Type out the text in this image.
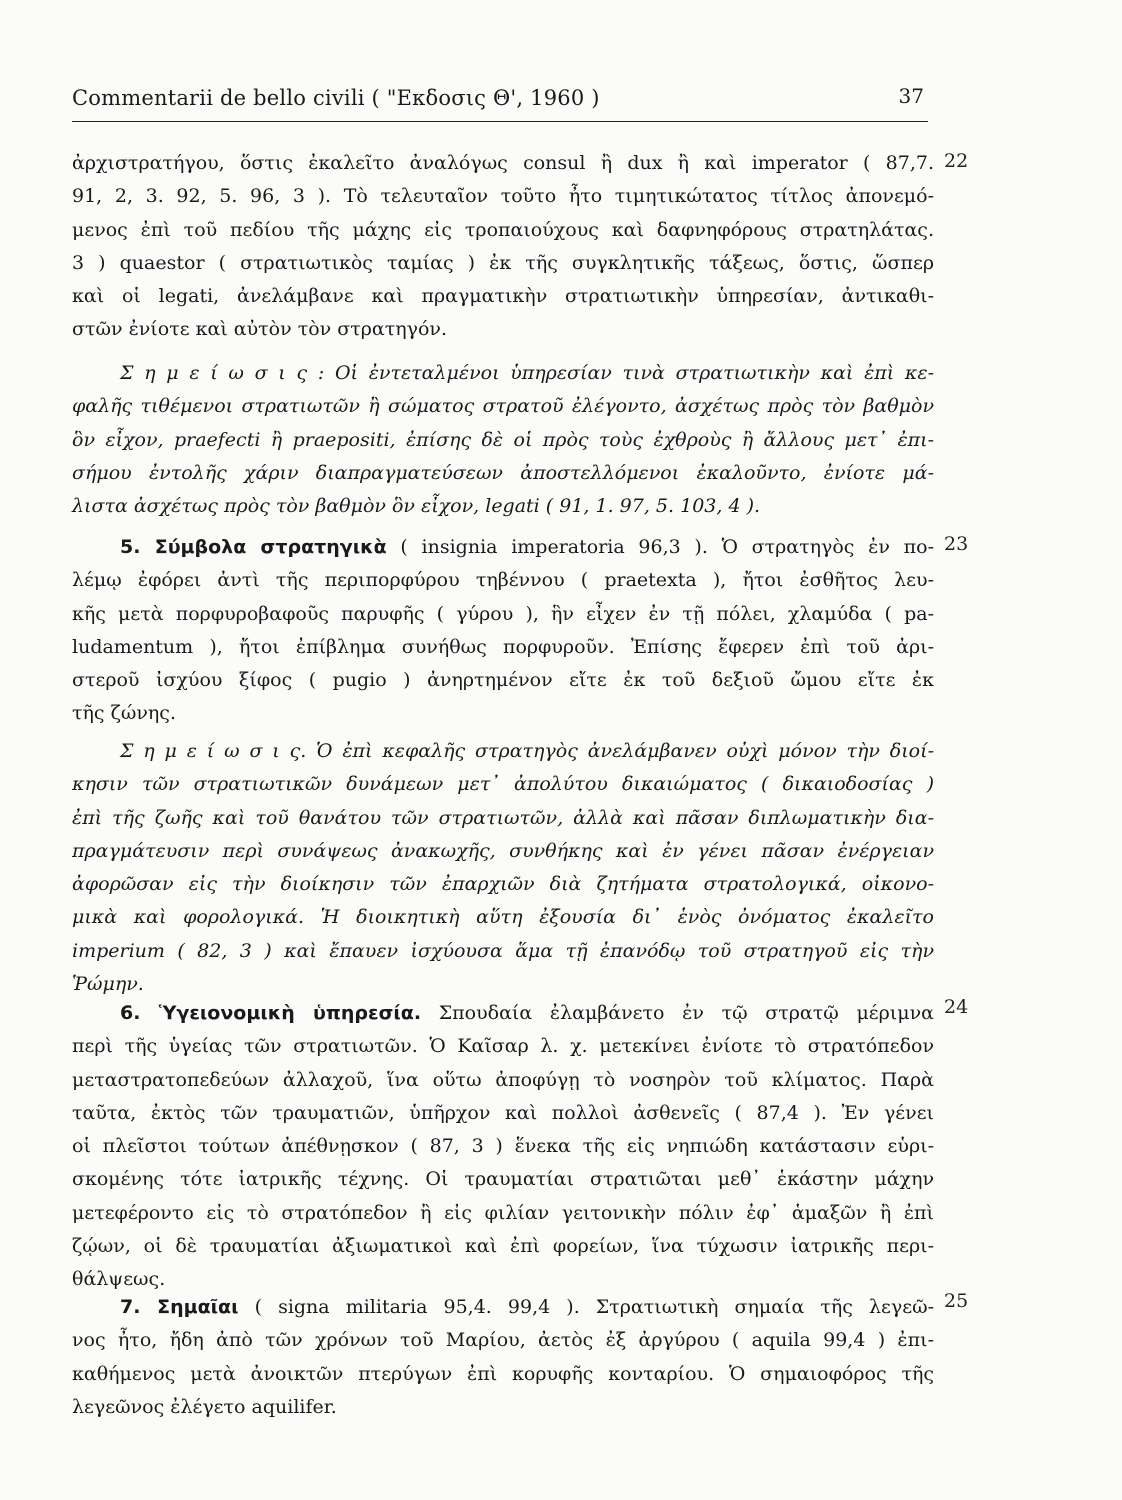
Commentarii de bello civili ( "Εκδοσις Θ', 1960 )	37
22
23
24
25
ἀρχιστρατήγου, ὅστις ἐκαλεῖτο ἀναλόγως consul ἢ dux ἢ καὶ imperator ( 87,7.
91, 2, 3. 92, 5. 96, 3 ). Τὸ τελευταῖον τοῦτο ἦτο τιμητικώτατος τίτλος ἀπονεμό-
μενος ἐπὶ τοῦ πεδίου τῆς μάχης εἰς τροπαιούχους καὶ δαφνηφόρους στρατηλάτας.
3 ) quaestor ( στρατιωτικὸς ταμίας ) ἐκ τῆς συγκλητικῆς τάξεως, ὅστις, ὥσπερ
καὶ οἱ legati, ἀνελάμβανε καὶ πραγματικὴν στρατιωτικὴν ὑπηρεσίαν, ἀντικαθι-
στῶν ἐνίοτε καὶ αὐτὸν τὸν στρατηγόν.
Σ η μ ε ί ω σ ι ς : Οἱ ἐντεταλμένοι ὑπηρεσίαν τινὰ στρατιωτικὴν καὶ ἐπὶ κε-
φαλῆς τιθέμενοι στρατιωτῶν ἢ σώματος στρατοῦ ἐλέγοντο, ἀσχέτως πρὸς τὸν βαθμὸν
ὃν εἶχον, praefecti ἢ praepositi, ἐπίσης δὲ οἱ πρὸς τοὺς ἐχθροὺς ἢ ἄλλους μετ᾿ ἐπι-
σήμου ἐντολῆς χάριν διαπραγματεύσεων ἀποστελλόμενοι ἐκαλοῦντο, ἐνίοτε μά-
λιστα ἀσχέτως πρὸς τὸν βαθμὸν ὃν εἶχον, legati ( 91, 1. 97, 5. 103, 4 ).
5. Σύμβολα στρατηγικὰ ( insignia imperatoria 96,3 ). Ὁ στρατηγὸς ἐν πο-
λέμῳ ἐφόρει ἀντὶ τῆς περιπορφύρου τηβέννου ( praetexta ), ἤτοι ἐσθῆτος λευ-
κῆς μετὰ πορφυροβαφοῦς παρυφῆς ( γύρου ), ἣν εἶχεν ἐν τῇ πόλει, χλαμύδα ( pa-
ludamentum ), ἤτοι ἐπίβλημα συνήθως πορφυροῦν. Ἐπίσης ἔφερεν ἐπὶ τοῦ ἀρι-
στεροῦ ἰσχύου ξίφος ( pugio ) ἀνηρτημένον εἴτε ἐκ τοῦ δεξιοῦ ὤμου εἴτε ἐκ
τῆς ζώνης.
Σ η μ ε ί ω σ ι ς. Ὁ ἐπὶ κεφαλῆς στρατηγὸς ἀνελάμβανεν οὐχὶ μόνον τὴν διοί-
κησιν τῶν στρατιωτικῶν δυνάμεων μετ᾿ ἀπολύτου δικαιώματος ( δικαιοδοσίας )
ἐπὶ τῆς ζωῆς καὶ τοῦ θανάτου τῶν στρατιωτῶν, ἀλλὰ καὶ πᾶσαν διπλωματικὴν δια-
πραγμάτευσιν περὶ συνάψεως ἀνακωχῆς, συνθήκης καὶ ἐν γένει πᾶσαν ἐνέργειαν
ἀφορῶσαν εἰς τὴν διοίκησιν τῶν ἐπαρχιῶν διὰ ζητήματα στρατολογικά, οἰκονο-
μικὰ καὶ φορολογικά. Ἡ διοικητικὴ αὕτη ἐξουσία δι᾿ ἑνὸς ὀνόματος ἐκαλεῖτο
imperium ( 82, 3 ) καὶ ἔπαυεν ἰσχύουσα ἅμα τῇ ἐπανόδῳ τοῦ στρατηγοῦ εἰς τὴν
Ῥώμην.
6. Ὑγειονομικὴ ὑπηρεσία. Σπουδαία ἐλαμβάνετο ἐν τῷ στρατῷ μέριμνα
περὶ τῆς ὑγείας τῶν στρατιωτῶν. Ὁ Καῖσαρ λ. χ. μετεκίνει ἐνίοτε τὸ στρατόπεδον
μεταστρατοπεδεύων ἀλλαχοῦ, ἵνα οὕτω ἀποφύγῃ τὸ νοσηρὸν τοῦ κλίματος. Παρὰ
ταῦτα, ἐκτὸς τῶν τραυματιῶν, ὑπῆρχον καὶ πολλοὶ ἀσθενεῖς ( 87,4 ). Ἐν γένει
οἱ πλεῖστοι τούτων ἀπέθνῃσκον ( 87, 3 ) ἕνεκα τῆς εἰς νηπιώδη κατάστασιν εὑρι-
σκομένης τότε ἰατρικῆς τέχνης. Οἱ τραυματίαι στρατιῶται μεθ᾿ ἑκάστην μάχην
μετεφέροντο εἰς τὸ στρατόπεδον ἢ εἰς φιλίαν γειτονικὴν πόλιν ἐφ᾿ ἁμαξῶν ἢ ἐπὶ
ζῴων, οἱ δὲ τραυματίαι ἀξιωματικοὶ καὶ ἐπὶ φορείων, ἵνα τύχωσιν ἰατρικῆς περι-
θάλψεως.
7. Σημαῖαι ( signa militaria 95,4. 99,4 ). Στρατιωτικὴ σημαία τῆς λεγεῶ-
νος ἦτο, ἤδη ἀπὸ τῶν χρόνων τοῦ Μαρίου, ἀετὸς ἐξ ἀργύρου ( aquila 99,4 ) ἐπι-
καθήμενος μετὰ ἀνοικτῶν πτερύγων ἐπὶ κορυφῆς κονταρίου. Ὁ σημαιοφόρος τῆς
λεγεῶνος ἐλέγετο aquilifer.
